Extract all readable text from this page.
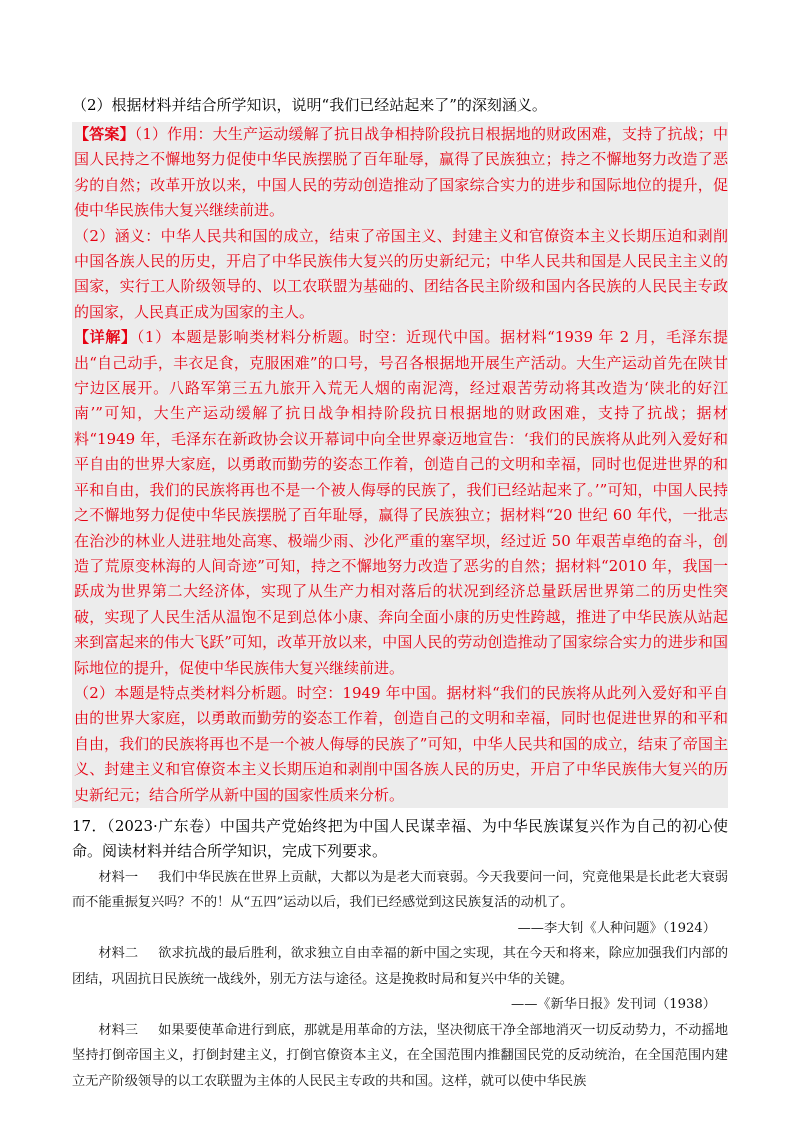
（2）根据材料并结合所学知识，说明“我们已经站起来了”的深刻涵义。

【答案】（1）作用：大生产运动缓解了抗日战争相持阶段抗日根据地的财政困难，支持了抗战；中国人民持之不懈地努力促使中华民族摆脱了百年耻辱，赢得了民族独立；持之不懈地努力改造了恶劣的自然；改革开放以来，中国人民的劳动创造推动了国家综合实力的进步和国际地位的提升，促使中华民族伟大复兴继续前进。

（2）涵义：中华人民共和国的成立，结束了帝国主义、封建主义和官僚资本主义长期压迫和剥削中国各族人民的历史，开启了中华民族伟大复兴的历史新纪元；中华人民共和国是人民民主主义的国家，实行工人阶级领导的、以工农联盟为基础的、团结各民主阶级和国内各民族的人民民主专政的国家，人民真正成为国家的主人。

【详解】（1）本题是影响类材料分析题。时空：近现代中国。据材料“1939 年 2 月，毛泽东提出“自己动手，丰衣足食，克服困难”的口号，号召各根据地开展生产活动。大生产运动首先在陕甘宁边区展开。八路军第三五九旅开入荒无人烟的南泥湾，经过艰苦劳动将其改造为‘陕北的好江南’”可知，大生产运动缓解了抗日战争相持阶段抗日根据地的财政困难，支持了抗战；据材料“1949 年，毛泽东在新政协会议开幕词中向全世界豪迈地宣告：‘我们的民族将从此列入爱好和平自由的世界大家庭，以勇敢而勤劳的姿态工作着，创造自己的文明和幸福，同时也促进世界的和平和自由，我们的民族将再也不是一个被人侮辱的民族了，我们已经站起来了。’”可知，中国人民持之不懈地努力促使中华民族摆脱了百年耻辱，赢得了民族独立；据材料“20 世纪 60 年代，一批志在治沙的林业人进驻地处高寒、极端少雨、沙化严重的塞罕坝，经过近 50 年艰苦卓绝的奋斗，创造了荒原变林海的人间奇迹”可知，持之不懈地努力改造了恶劣的自然；据材料“2010 年，我国一跃成为世界第二大经济体，实现了从生产力相对落后的状况到经济总量跃居世界第二的历史性突破，实现了人民生活从温饱不足到总体小康、奔向全面小康的历史性跨越，推进了中华民族从站起来到富起来的伟大飞跃”可知，改革开放以来，中国人民的劳动创造推动了国家综合实力的进步和国际地位的提升，促使中华民族伟大复兴继续前进。

（2）本题是特点类材料分析题。时空：1949 年中国。据材料“我们的民族将从此列入爱好和平自由的世界大家庭，以勇敢而勤劳的姿态工作着，创造自己的文明和幸福，同时也促进世界的和平和自由，我们的民族将再也不是一个被人侮辱的民族了”可知，中华人民共和国的成立，结束了帝国主义、封建主义和官僚资本主义长期压迫和剥削中国各族人民的历史，开启了中华民族伟大复兴的历史新纪元；结合所学从新中国的国家性质来分析。

17．（2023·广东卷）中国共产党始终把为中国人民谋幸福、为中华民族谋复兴作为自己的初心使命。阅读材料并结合所学知识，完成下列要求。

材料一 我们中华民族在世界上贡献，大都以为是老大而衰弱。今天我要问一问，究竟他果是长此老大衰弱而不能重振复兴吗？不的！从“五四”运动以后，我们已经感觉到这民族复活的动机了。

——李大钊《人种问题》（1924）

材料二 欲求抗战的最后胜利，欲求独立自由幸福的新中国之实现，其在今天和将来，除应加强我们内部的团结，巩固抗日民族统一战线外，别无方法与途径。这是挽救时局和复兴中华的关键。

——《新华日报》发刊词（1938）

材料三 如果要使革命进行到底，那就是用革命的方法，坚决彻底干净全部地消灭一切反动势力，不动摇地坚持打倒帝国主义，打倒封建主义，打倒官僚资本主义，在全国范围内推翻国民党的反动统治，在全国范围内建立无产阶级领导的以工农联盟为主体的人民民主专政的共和国。这样，就可以使中华民族
